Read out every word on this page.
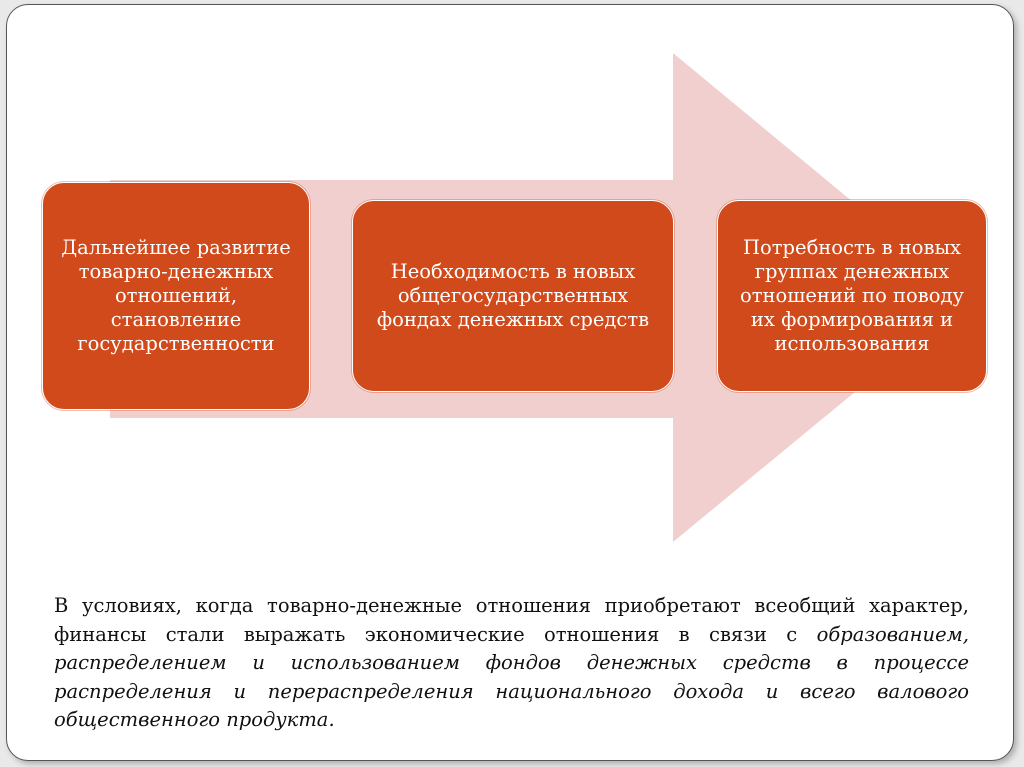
Дальнейшее развитие товарно-денежных отношений, становление государственности
Необходимость в новых общегосударственных фондах денежных средств
Потребность в новых группах денежных отношений по поводу их формирования и использования
В условиях, когда товарно-денежные отношения приобретают всеобщий характер, финансы стали выражать экономические отношения в связи с образованием, распределением и использованием фондов денежных средств в процессе распределения и перераспределения национального дохода и всего валового общественного продукта.
